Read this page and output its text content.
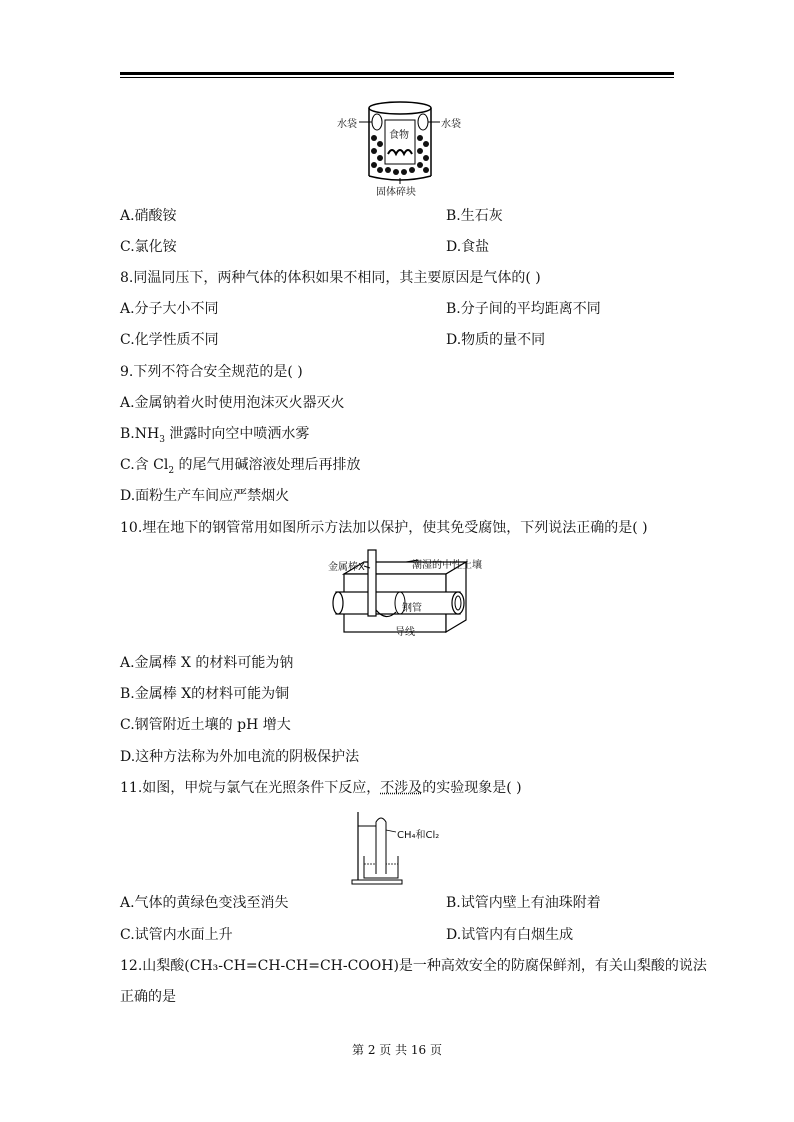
水袋	水袋
食物
固体碎块
A.硝酸铵	B.生石灰
C.氯化铵	D.食盐
8.同温同压下，两种气体的体积如果不相同，其主要原因是气体的( )
A.分子大小不同	B.分子间的平均距离不同
C.化学性质不同	D.物质的量不同
9.下列不符合安全规范的是( )
A.金属钠着火时使用泡沫灭火器灭火
$B.NH_3$ 泄露时向空中喷洒水雾
C.含 $Cl_2$ 的尾气用碱溶液处理后再排放
D.面粉生产车间应严禁烟火
10.埋在地下的钢管常用如图所示方法加以保护，使其免受腐蚀，下列说法正确的是( )
金属棒X	潮湿的中性土壤
钢管
导线
A.金属棒 X 的材料可能为钠
B.金属棒 X的材料可能为铜
C.钢管附近土壤的 pH 增大
D.这种方法称为外加电流的阴极保护法
11.如图，甲烷与氯气在光照条件下反应，不涉及的实验现象是( )
CH₄和Cl₂
A.气体的黄绿色变浅至消失	B.试管内壁上有油珠附着
C.试管内水面上升	D.试管内有白烟生成
12.山梨酸(CH₃-CH=CH-CH=CH-COOH)是一种高效安全的防腐保鲜剂，有关山梨酸的说法
正确的是
第 2 页 共 16 页
